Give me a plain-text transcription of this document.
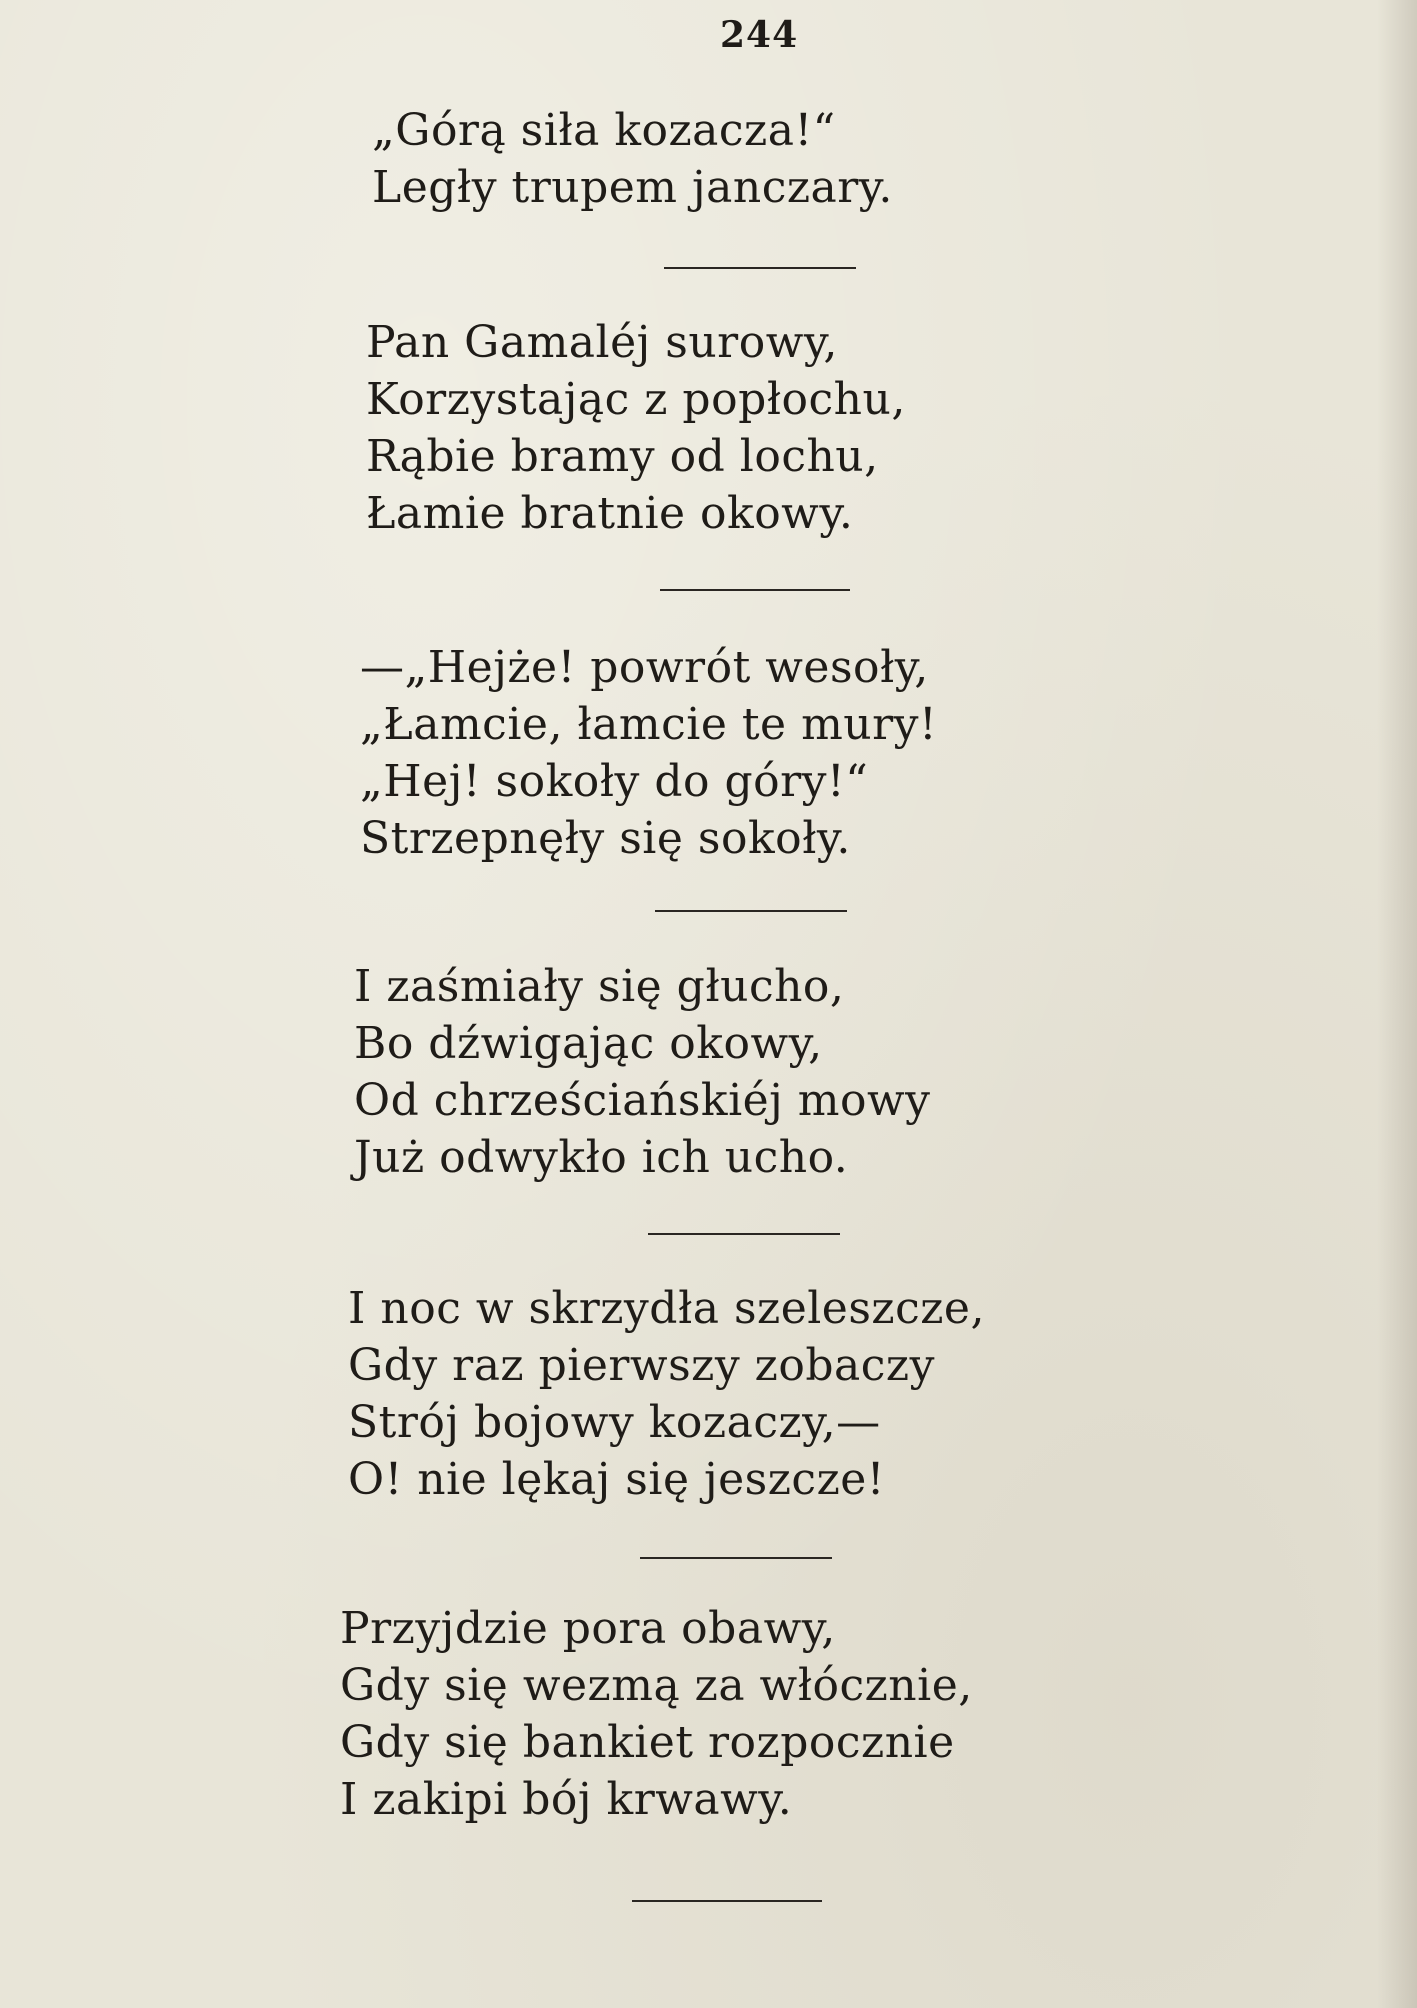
244
„Górą siła kozacza!“
Legły trupem janczary.
Pan Gamaléj surowy,
Korzystając z popłochu,
Rąbie bramy od lochu,
Łamie bratnie okowy.
—„Hejże! powrót wesoły,
„Łamcie, łamcie te mury!
„Hej! sokoły do góry!“
Strzepnęły się sokoły.
I zaśmiały się głucho,
Bo dźwigając okowy,
Od chrześciańskiéj mowy
Już odwykło ich ucho.
I noc w skrzydła szeleszcze,
Gdy raz pierwszy zobaczy
Strój bojowy kozaczy,—
O! nie lękaj się jeszcze!
Przyjdzie pora obawy,
Gdy się wezmą za włócznie,
Gdy się bankiet rozpocznie
I zakipi bój krwawy.
